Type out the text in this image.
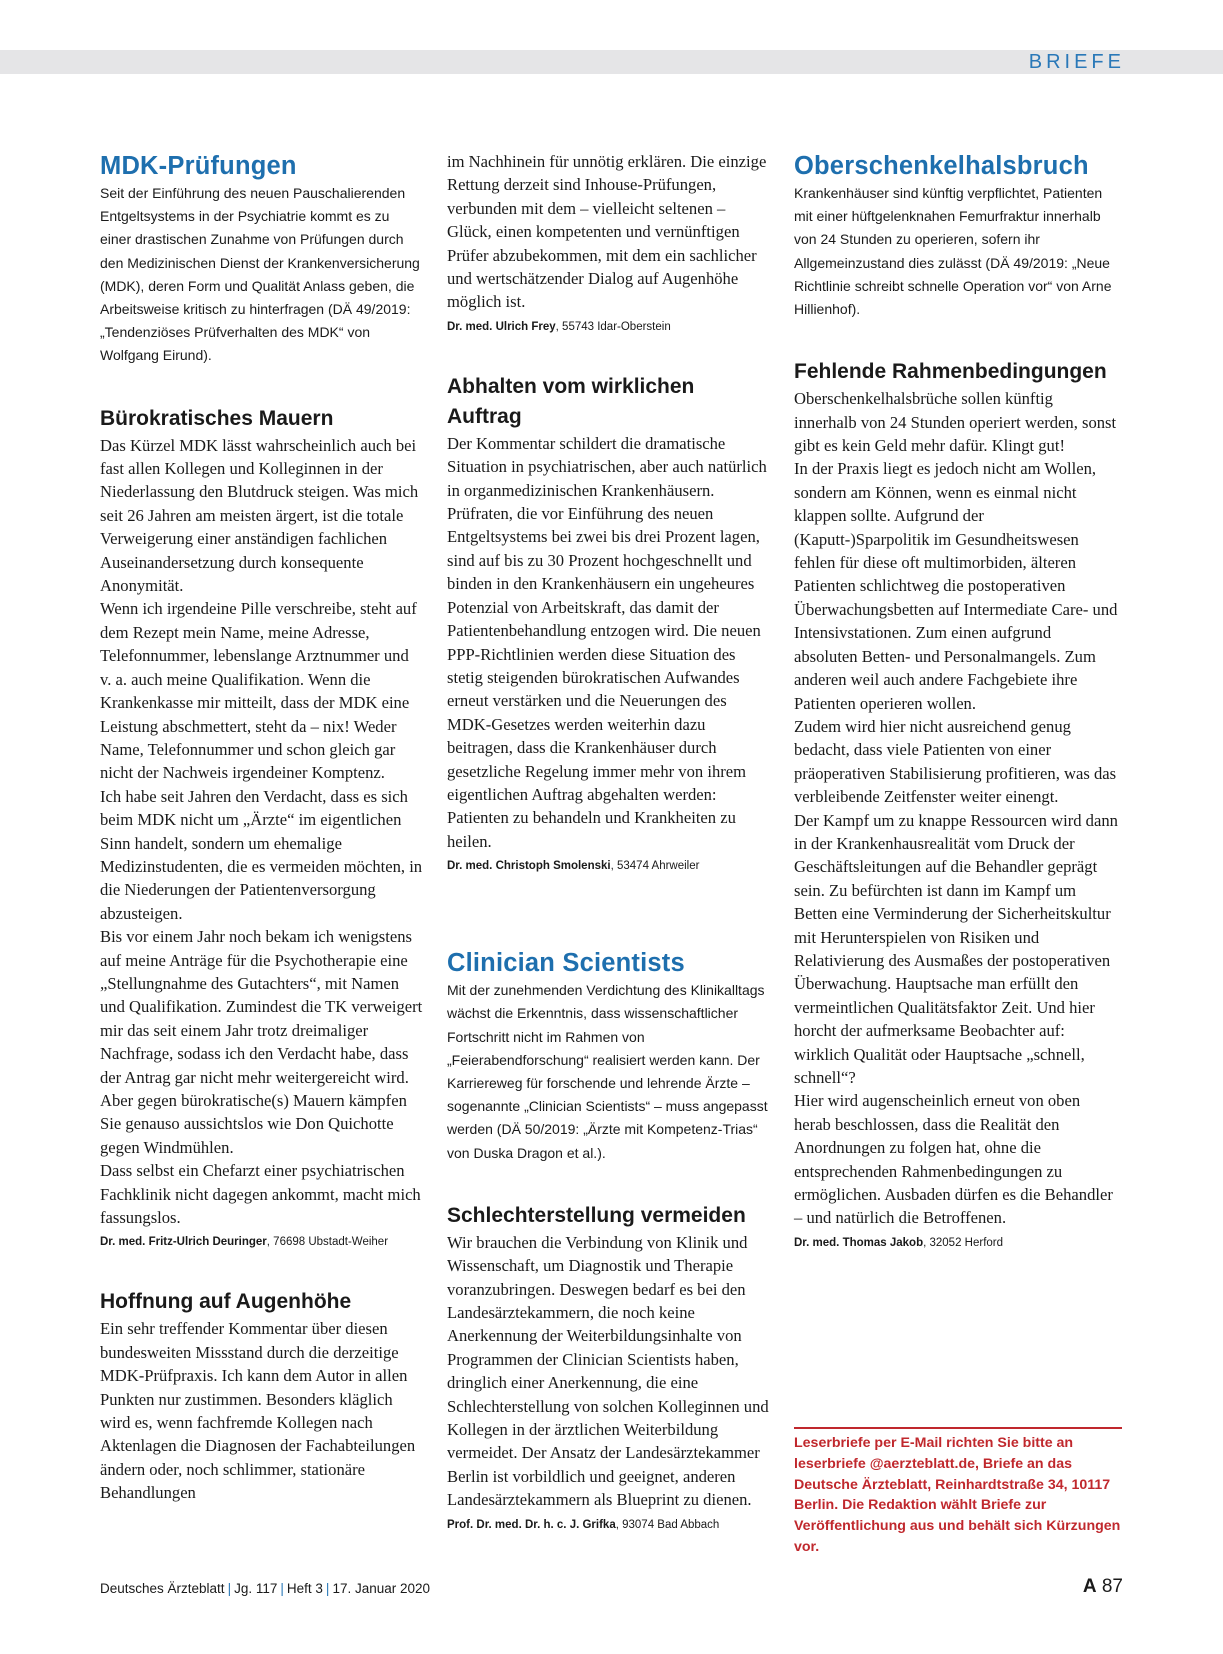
BRIEFE
MDK-Prüfungen

Seit der Einführung des neuen Pauschalierenden Entgeltsystems in der Psychiatrie kommt es zu einer drastischen Zunahme von Prüfungen durch den Medizinischen Dienst der Krankenversicherung (MDK), deren Form und Qualität Anlass geben, die Arbeitsweise kritisch zu hinterfragen (DÄ 49/2019: „Tendenziöses Prüfverhalten des MDK“ von Wolfgang Eirund).

Bürokratisches Mauern

Das Kürzel MDK lässt wahrscheinlich auch bei fast allen Kollegen und Kolleginnen in der Niederlassung den Blutdruck steigen. Was mich seit 26 Jahren am meisten ärgert, ist die totale Verweigerung einer anständigen fachlichen Auseinandersetzung durch konsequente Anonymität.

Wenn ich irgendeine Pille verschreibe, steht auf dem Rezept mein Name, meine Adresse, Telefonnummer, lebenslange Arztnummer und v. a. auch meine Qualifikation. Wenn die Krankenkasse mir mitteilt, dass der MDK eine Leistung abschmettert, steht da – nix! Weder Name, Telefonnummer und schon gleich gar nicht der Nachweis irgendeiner Komptenz.

Ich habe seit Jahren den Verdacht, dass es sich beim MDK nicht um „Ärzte“ im eigentlichen Sinn handelt, sondern um ehemalige Medizinstudenten, die es vermeiden möchten, in die Niederungen der Patientenversorgung abzusteigen.

Bis vor einem Jahr noch bekam ich wenigstens auf meine Anträge für die Psychotherapie eine „Stellungnahme des Gutachters“, mit Namen und Qualifikation. Zumindest die TK verweigert mir das seit einem Jahr trotz dreimaliger Nachfrage, sodass ich den Verdacht habe, dass der Antrag gar nicht mehr weitergereicht wird. Aber gegen bürokratische(s) Mauern kämpfen Sie genauso aussichtslos wie Don Quichotte gegen Windmühlen.

Dass selbst ein Chefarzt einer psychiatrischen Fachklinik nicht dagegen ankommt, macht mich fassungslos.

Dr. med. Fritz-Ulrich Deuringer, 76698 Ubstadt-Weiher

Hoffnung auf Augenhöhe

Ein sehr treffender Kommentar über diesen bundesweiten Missstand durch die derzeitige MDK-Prüfpraxis. Ich kann dem Autor in allen Punkten nur zustimmen. Besonders kläglich wird es, wenn fachfremde Kollegen nach Aktenlagen die Diagnosen der Fachabteilungen ändern oder, noch schlimmer, stationäre Behandlungen

im Nachhinein für unnötig erklären. Die einzige Rettung derzeit sind Inhouse-Prüfungen, verbunden mit dem – vielleicht seltenen – Glück, einen kompetenten und vernünftigen Prüfer abzubekommen, mit dem ein sachlicher und wertschätzender Dialog auf Augenhöhe möglich ist.

Dr. med. Ulrich Frey, 55743 Idar-Oberstein

Abhalten vom wirklichen Auftrag

Der Kommentar schildert die dramatische Situation in psychiatrischen, aber auch natürlich in organmedizinischen Krankenhäusern. Prüfraten, die vor Einführung des neuen Entgeltsystems bei zwei bis drei Prozent lagen, sind auf bis zu 30 Prozent hochgeschnellt und binden in den Krankenhäusern ein ungeheures Potenzial von Arbeitskraft, das damit der Patientenbehandlung entzogen wird. Die neuen PPP-Richtlinien werden diese Situation des stetig steigenden bürokratischen Aufwandes erneut verstärken und die Neuerungen des MDK-Gesetzes werden weiterhin dazu beitragen, dass die Krankenhäuser durch gesetzliche Regelung immer mehr von ihrem eigentlichen Auftrag abgehalten werden: Patienten zu behandeln und Krankheiten zu heilen.

Dr. med. Christoph Smolenski, 53474 Ahrweiler

Clinician Scientists

Mit der zunehmenden Verdichtung des Klinikalltags wächst die Erkenntnis, dass wissenschaftlicher Fortschritt nicht im Rahmen von „Feierabendforschung“ realisiert werden kann. Der Karriereweg für forschende und lehrende Ärzte – sogenannte „Clinician Scientists“ – muss angepasst werden (DÄ 50/2019: „Ärzte mit Kompetenz-Trias“ von Duska Dragon et al.).

Schlechterstellung vermeiden

Wir brauchen die Verbindung von Klinik und Wissenschaft, um Diagnostik und Therapie voranzubringen. Deswegen bedarf es bei den Landesärztekammern, die noch keine Anerkennung der Weiterbildungsinhalte von Programmen der Clinician Scientists haben, dringlich einer Anerkennung, die eine Schlechterstellung von solchen Kolleginnen und Kollegen in der ärztlichen Weiterbildung vermeidet. Der Ansatz der Landesärztekammer Berlin ist vorbildlich und geeignet, anderen Landesärztekammern als Blueprint zu dienen.

Prof. Dr. med. Dr. h. c. J. Grifka, 93074 Bad Abbach

Oberschenkelhalsbruch

Krankenhäuser sind künftig verpflichtet, Patienten mit einer hüftgelenknahen Femurfraktur innerhalb von 24 Stunden zu operieren, sofern ihr Allgemeinzustand dies zulässt (DÄ 49/2019: „Neue Richtlinie schreibt schnelle Operation vor“ von Arne Hillienhof).

Fehlende Rahmenbedingungen

Oberschenkelhalsbrüche sollen künftig innerhalb von 24 Stunden operiert werden, sonst gibt es kein Geld mehr dafür. Klingt gut!

In der Praxis liegt es jedoch nicht am Wollen, sondern am Können, wenn es einmal nicht klappen sollte. Aufgrund der (Kaputt-)Sparpolitik im Gesundheitswesen fehlen für diese oft multimorbiden, älteren Patienten schlichtweg die postoperativen Überwachungsbetten auf Intermediate Care- und Intensivstationen. Zum einen aufgrund absoluten Betten- und Personalmangels. Zum anderen weil auch andere Fachgebiete ihre Patienten operieren wollen.

Zudem wird hier nicht ausreichend genug bedacht, dass viele Patienten von einer präoperativen Stabilisierung profitieren, was das verbleibende Zeitfenster weiter einengt.

Der Kampf um zu knappe Ressourcen wird dann in der Krankenhausrealität vom Druck der Geschäftsleitungen auf die Behandler geprägt sein. Zu befürchten ist dann im Kampf um Betten eine Verminderung der Sicherheitskultur mit Herunterspielen von Risiken und Relativierung des Ausmaßes der postoperativen Überwachung. Hauptsache man erfüllt den vermeintlichen Qualitätsfaktor Zeit. Und hier horcht der aufmerksame Beobachter auf: wirklich Qualität oder Hauptsache „schnell, schnell“?

Hier wird augenscheinlich erneut von oben herab beschlossen, dass die Realität den Anordnungen zu folgen hat, ohne die entsprechenden Rahmenbedingungen zu ermöglichen. Ausbaden dürfen es die Behandler – und natürlich die Betroffenen.

Dr. med. Thomas Jakob, 32052 Herford

Leserbriefe per E-Mail richten Sie bitte an leserbriefe @aerzteblatt.de, Briefe an das Deutsche Ärzteblatt, Reinhardtstraße 34, 10117 Berlin. Die Redaktion wählt Briefe zur Veröffentlichung aus und behält sich Kürzungen vor.
Deutsches Ärzteblatt | Jg. 117 | Heft 3 | 17. Januar 2020	A 87
